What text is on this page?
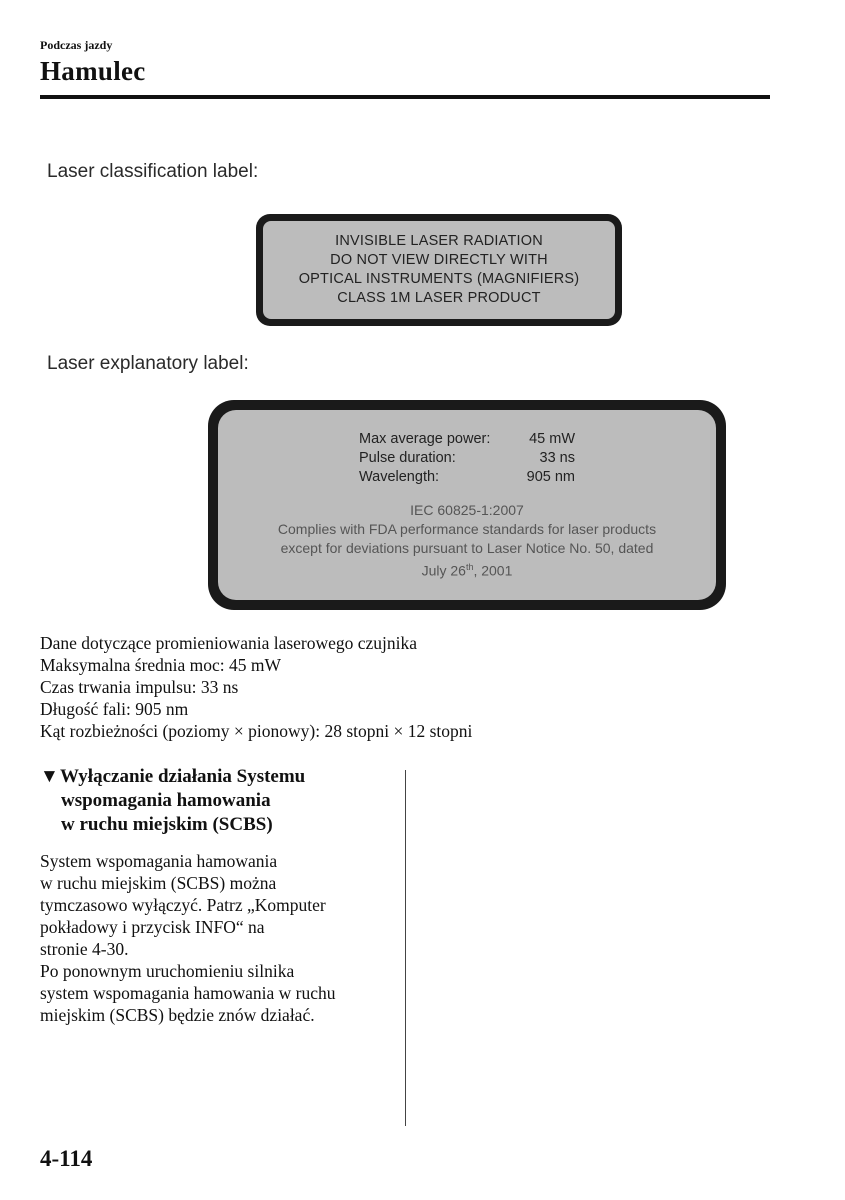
Podczas jazdy
Hamulec
Laser classification label:
INVISIBLE LASER RADIATION
DO NOT VIEW DIRECTLY WITH
OPTICAL INSTRUMENTS (MAGNIFIERS)
CLASS 1M LASER PRODUCT
Laser explanatory label:
Max average power:	45 mW
Pulse duration:	33 ns
Wavelength:	905 nm
IEC 60825-1:2007
Complies with FDA performance standards for laser products
except for deviations pursuant to Laser Notice No. 50, dated
July 26th, 2001
Dane dotyczące promieniowania laserowego czujnika
Maksymalna średnia moc: 45 mW
Czas trwania impulsu: 33 ns
Długość fali: 905 nm
Kąt rozbieżności (poziomy × pionowy): 28 stopni × 12 stopni
▼Wyłączanie działania Systemu
wspomagania hamowania
w ruchu miejskim (SCBS)
System wspomagania hamowania
w ruchu miejskim (SCBS) można
tymczasowo wyłączyć. Patrz „Komputer
pokładowy i przycisk INFO“ na
stronie 4-30.
Po ponownym uruchomieniu silnika
system wspomagania hamowania w ruchu
miejskim (SCBS) będzie znów działać.
4-114
